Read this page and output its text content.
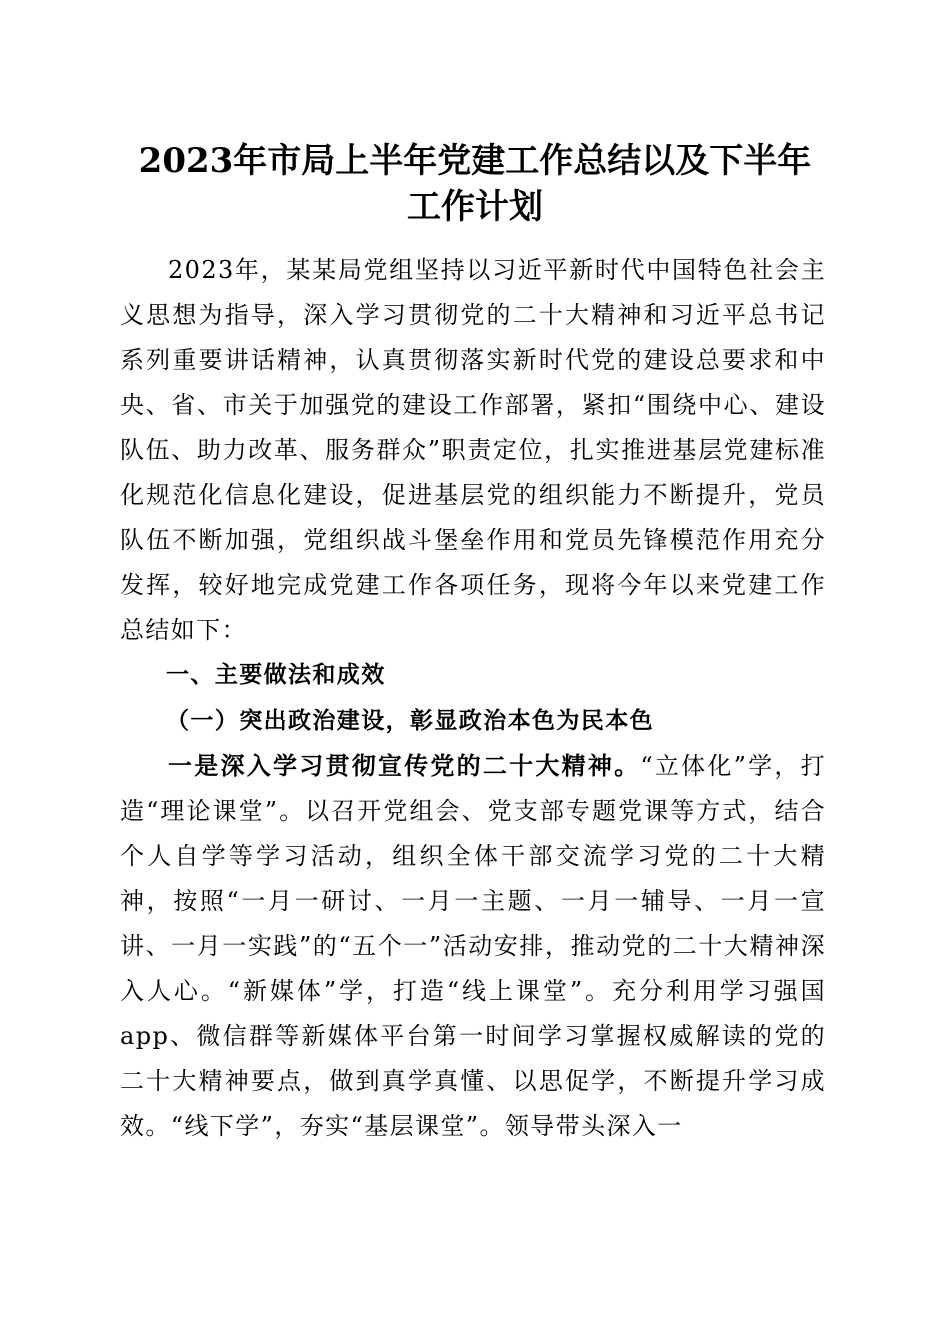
2023年市局上半年党建工作总结以及下半年
工作计划

2023年，某某局党组坚持以习近平新时代中国特色社会主义思想为指导，深入学习贯彻党的二十大精神和习近平总书记系列重要讲话精神，认真贯彻落实新时代党的建设总要求和中央、省、市关于加强党的建设工作部署，紧扣“围绕中心、建设队伍、助力改革、服务群众”职责定位，扎实推进基层党建标准化规范化信息化建设，促进基层党的组织能力不断提升，党员队伍不断加强，党组织战斗堡垒作用和党员先锋模范作用充分发挥，较好地完成党建工作各项任务，现将今年以来党建工作总结如下：

一、主要做法和成效

（一）突出政治建设，彰显政治本色为民本色

一是深入学习贯彻宣传党的二十大精神。“立体化”学，打造“理论课堂”。以召开党组会、党支部专题党课等方式，结合个人自学等学习活动，组织全体干部交流学习党的二十大精神，按照“一月一研讨、一月一主题、一月一辅导、一月一宣讲、一月一实践”的“五个一”活动安排，推动党的二十大精神深入人心。“新媒体”学，打造“线上课堂”。充分利用学习强国app、微信群等新媒体平台第一时间学习掌握权威解读的党的二十大精神要点，做到真学真懂、以思促学，不断提升学习成效。“线下学”，夯实“基层课堂”。领导带头深入一
